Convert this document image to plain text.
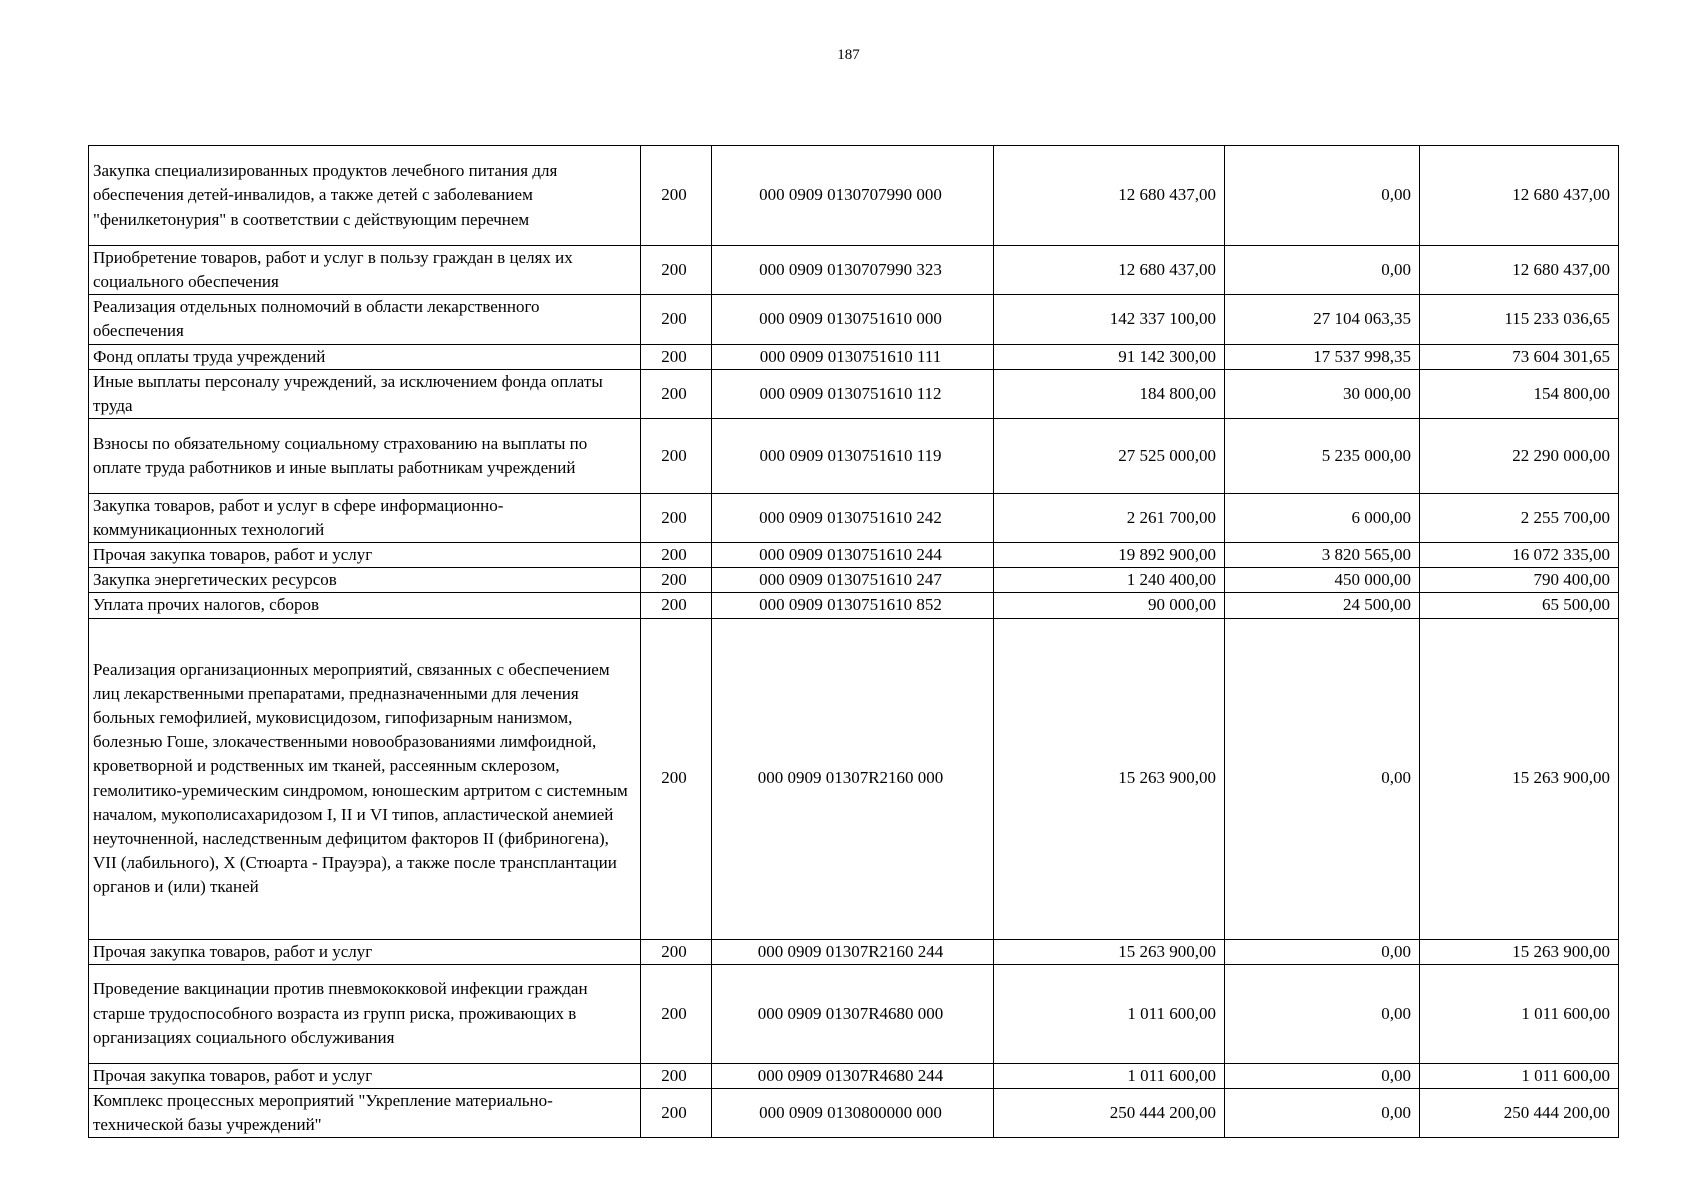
187
Закупка специализированных продуктов лечебного питания для обеспечения детей-инвалидов, а также детей с заболеванием "фенилкетонурия" в соответствии с действующим перечнем	200	000 0909 0130707990 000	12 680 437,00	0,00	12 680 437,00
Приобретение товаров, работ и услуг в пользу граждан в целях их социального обеспечения	200	000 0909 0130707990 323	12 680 437,00	0,00	12 680 437,00
Реализация отдельных полномочий в области лекарственного обеспечения	200	000 0909 0130751610 000	142 337 100,00	27 104 063,35	115 233 036,65
Фонд оплаты труда учреждений	200	000 0909 0130751610 111	91 142 300,00	17 537 998,35	73 604 301,65
Иные выплаты персоналу учреждений, за исключением фонда оплаты труда	200	000 0909 0130751610 112	184 800,00	30 000,00	154 800,00
Взносы по обязательному социальному страхованию на выплаты по оплате труда работников и иные выплаты работникам учреждений	200	000 0909 0130751610 119	27 525 000,00	5 235 000,00	22 290 000,00
Закупка товаров, работ и услуг в сфере информационно-коммуникационных технологий	200	000 0909 0130751610 242	2 261 700,00	6 000,00	2 255 700,00
Прочая закупка товаров, работ и услуг	200	000 0909 0130751610 244	19 892 900,00	3 820 565,00	16 072 335,00
Закупка энергетических ресурсов	200	000 0909 0130751610 247	1 240 400,00	450 000,00	790 400,00
Уплата прочих налогов, сборов	200	000 0909 0130751610 852	90 000,00	24 500,00	65 500,00
Реализация организационных мероприятий, связанных с обеспечением лиц лекарственными препаратами, предназначенными для лечения больных гемофилией, муковисцидозом, гипофизарным нанизмом, болезнью Гоше, злокачественными новообразованиями лимфоидной, кроветворной и родственных им тканей, рассеянным склерозом, гемолитико-уремическим синдромом, юношеским артритом с системным началом, мукополисахаридозом I, II и VI типов, апластической анемией неуточненной, наследственным дефицитом факторов II (фибриногена), VII (лабильного), X (Стюарта - Прауэра), а также после трансплантации органов и (или) тканей	200	000 0909 01307R2160 000	15 263 900,00	0,00	15 263 900,00
Прочая закупка товаров, работ и услуг	200	000 0909 01307R2160 244	15 263 900,00	0,00	15 263 900,00
Проведение вакцинации против пневмококковой инфекции граждан старше трудоспособного возраста из групп риска, проживающих в организациях социального обслуживания	200	000 0909 01307R4680 000	1 011 600,00	0,00	1 011 600,00
Прочая закупка товаров, работ и услуг	200	000 0909 01307R4680 244	1 011 600,00	0,00	1 011 600,00
Комплекс процессных мероприятий "Укрепление материально-технической базы учреждений"	200	000 0909 0130800000 000	250 444 200,00	0,00	250 444 200,00
